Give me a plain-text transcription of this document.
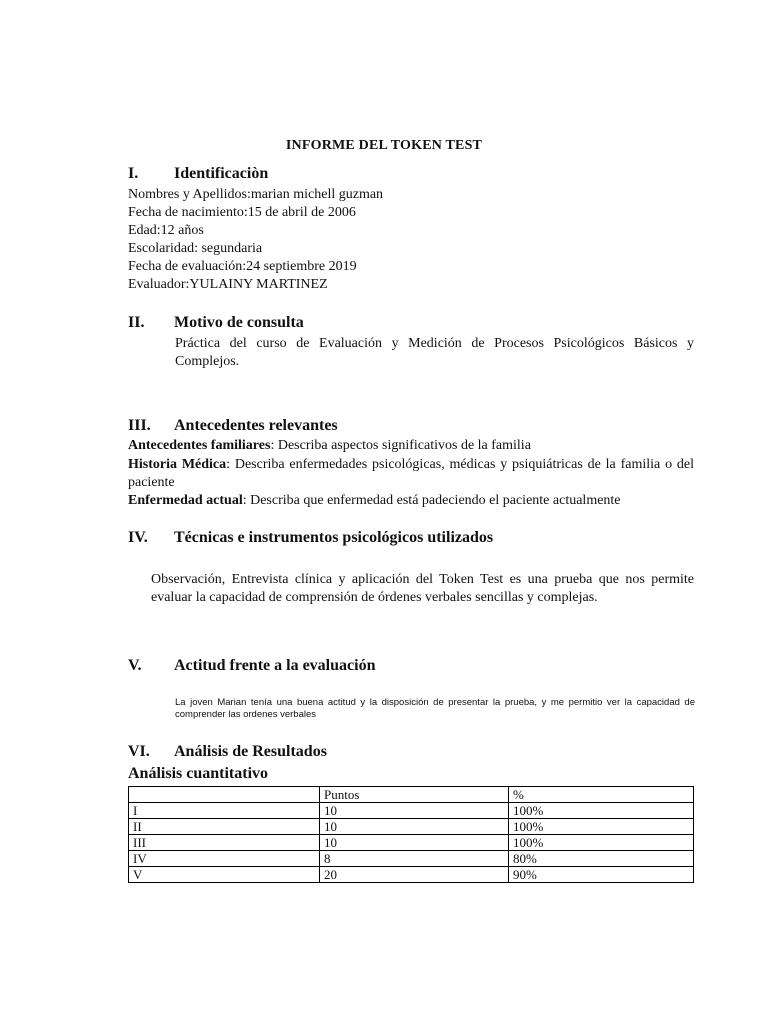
INFORME DEL TOKEN TEST
I.	Identificaciòn
Nombres y Apellidos:marian michell guzman
Fecha de nacimiento:15 de abril de 2006
Edad:12 años
Escolaridad: segundaria
Fecha de evaluación:24 septiembre 2019
Evaluador:YULAINY MARTINEZ
II.	Motivo de consulta
Práctica del curso de Evaluación y Medición de Procesos Psicológicos Básicos y Complejos.
III.	Antecedentes relevantes
Antecedentes familiares: Describa aspectos significativos de la familia
Historia Médica: Describa enfermedades psicológicas, médicas y psiquiátricas de la familia o del paciente
Enfermedad actual: Describa que enfermedad está padeciendo el paciente actualmente
IV.	Técnicas e instrumentos psicológicos utilizados
Observación, Entrevista clínica y aplicación del Token Test es una prueba que nos permite evaluar la capacidad de comprensión de órdenes verbales sencillas y complejas.
V.	Actitud frente a la evaluación
La joven Marian tenía una buena actitud y la disposición de presentar la prueba, y me permitio ver la capacidad de comprender las ordenes verbales
VI.	Análisis de Resultados
Análisis cuantitativo
	Puntos	%
I	10	100%
II	10	100%
III	10	100%
IV	8	80%
V	20	90%
